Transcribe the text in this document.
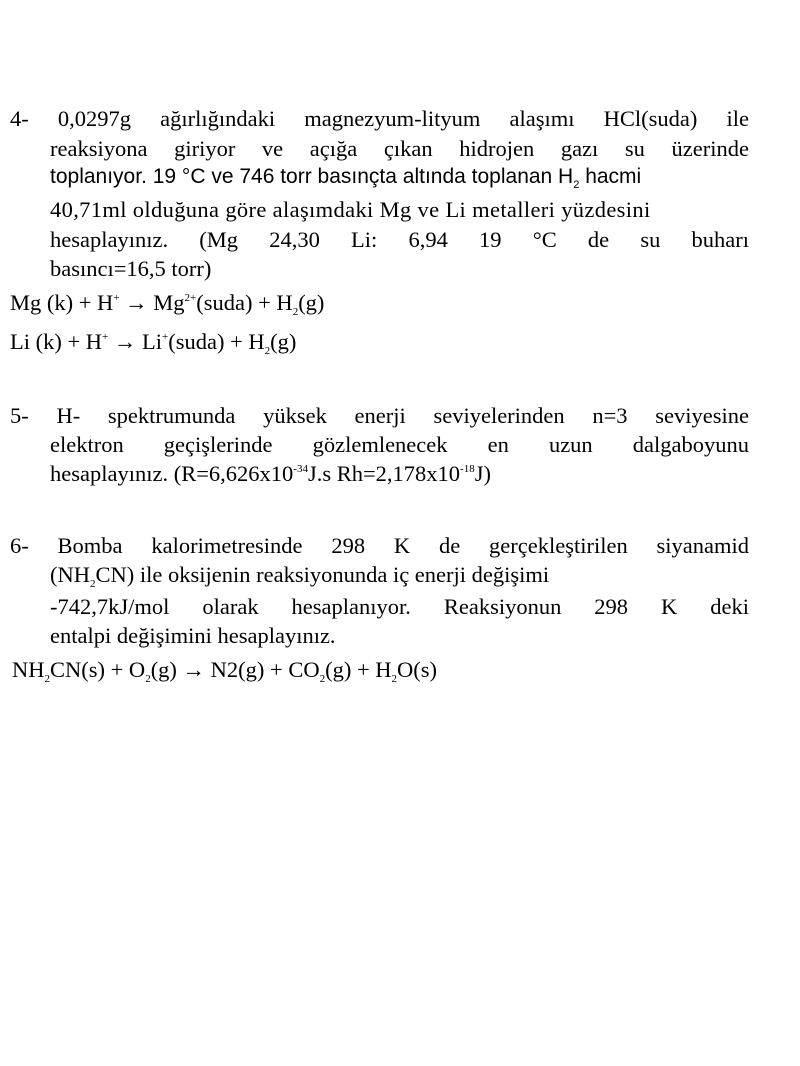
4- 0,0297g ağırlığındaki magnezyum-lityum alaşımı HCl(suda) ile
reaksiyona giriyor ve açığa çıkan hidrojen gazı su üzerinde
toplanıyor. 19 °C ve 746 torr basınçta altında toplanan $H_2$ hacmi
40,71ml olduğuna göre alaşımdaki Mg ve Li metalleri yüzdesini
hesaplayınız. (Mg 24,30 Li: 6,94 19 °C de su buharı
basıncı=16,5 torr)
Mg $(k) + H^+ \to Mg^{2+}(suda) + H_2(g)$
Li (k) + H+ → Li+(suda) + $H_2(g)$
5- H- spektrumunda yüksek enerji seviyelerinden n=3 seviyesine
elektron geçişlerinde gözlemlenecek en uzun dalgaboyunu
hesaplayınız. ($R=6,626x10^{-34}J.s$ $Rh=2,178x10^{-18}J$)
6- Bomba kalorimetresinde 298 K de gerçekleştirilen siyanamid
$(NH_2CN)$ ile oksijenin reaksiyonunda iç enerji değişimi
-742,7kJ/mol olarak hesaplanıyor. Reaksiyonun 298 K deki
entalpi değişimini hesaplayınız.
$NH_2CN(s) + O_2(g) \to N2(g) + CO_2(g) + H_2O(s)$
